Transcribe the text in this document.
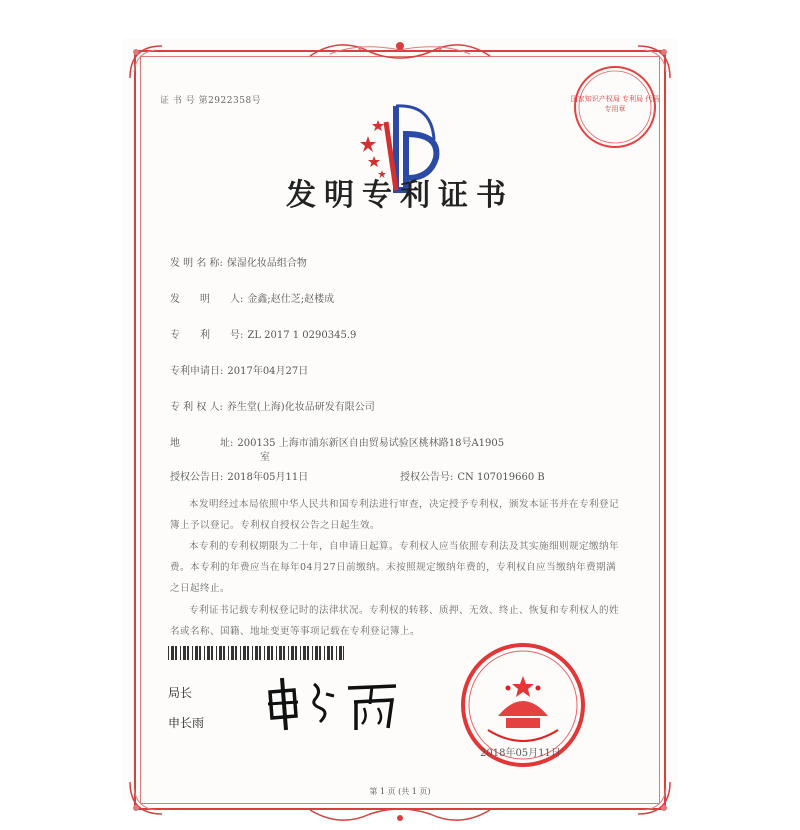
证 书 号 第2922358号	国家知识产权局 专利局 代码专用章
发明专利证书
发 明 名 称: 保湿化妆品组合物
发　　明　　人: 金鑫;赵仕芝;赵楼成
专　　利　　号: ZL 2017 1 0290345.9
专利申请日: 2017年04月27日
专 利 权 人: 养生堂(上海)化妆品研发有限公司
地　　　　址: 200135 上海市浦东新区自由贸易试验区桃林路18号A1905
室
授权公告日: 2018年05月11日	授权公告号: CN 107019660 B
本发明经过本局依照中华人民共和国专利法进行审查，决定授予专利权，颁发本证书并在专利登记簿上予以登记。专利权自授权公告之日起生效。
本专利的专利权期限为二十年，自申请日起算。专利权人应当依照专利法及其实施细则规定缴纳年费。本专利的年费应当在每年04月27日前缴纳。未按照规定缴纳年费的，专利权自应当缴纳年费期满之日起终止。
专利证书记载专利权登记时的法律状况。专利权的转移、质押、无效、终止、恢复和专利权人的姓名或名称、国籍、地址变更等事项记载在专利登记簿上。
局长
申长雨
2018年05月11日
第 1 页 (共 1 页)
